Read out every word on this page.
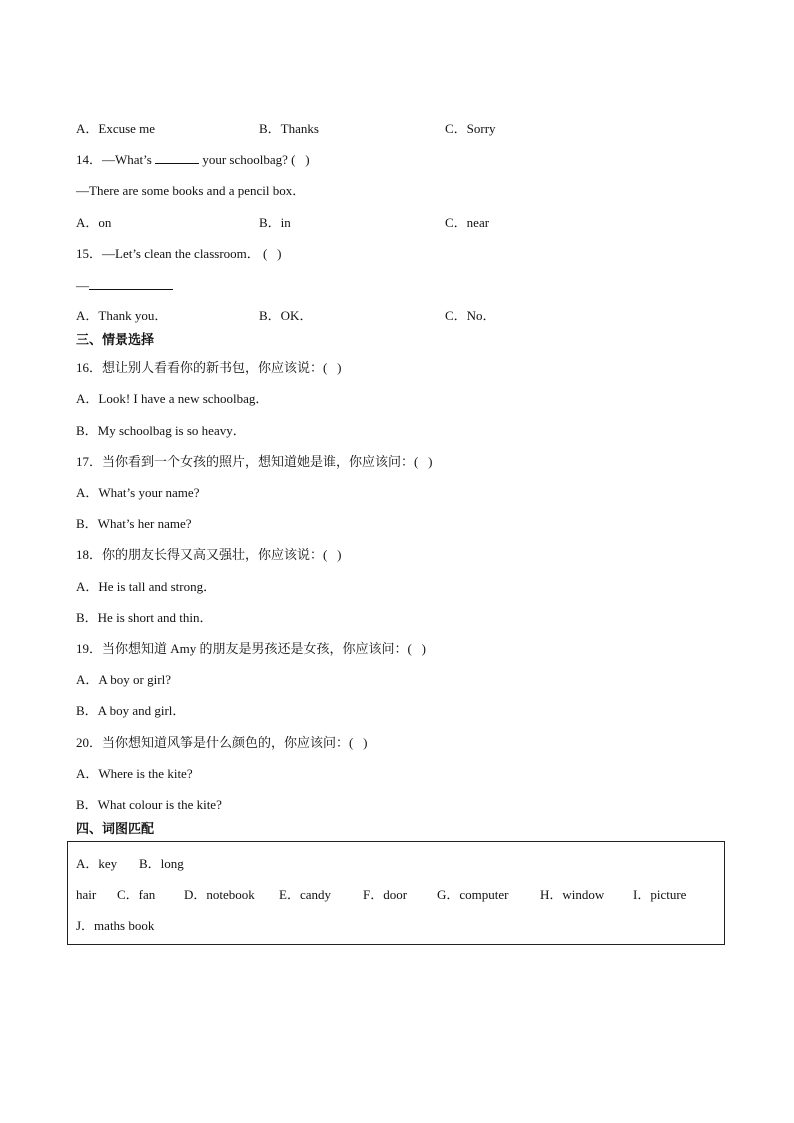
A．Excuse me	B．Thanks	C．Sorry
14．—What’s	your schoolbag? (   )
—There are some books and a pencil box．
A．on	B．in	C．near
15．—Let’s clean the classroom． (   )
—
A．Thank you．	B．OK．	C．No．
三、情景选择
16．想让别人看看你的新书包，你应该说：(   )
A．Look! I have a new schoolbag．
B．My schoolbag is so heavy．
17．当你看到一个女孩的照片，想知道她是谁，你应该问：(   )
A．What’s your name?
B．What’s her name?
18．你的朋友长得又高又强壮，你应该说：(   )
A．He is tall and strong．
B．He is short and thin．
19．当你想知道 Amy 的朋友是男孩还是女孩，你应该问：(   )
A．A boy or girl?
B．A boy and girl．
20．当你想知道风筝是什么颜色的，你应该问：(   )
A．Where is the kite?
B．What colour is the kite?
四、词图匹配
A．key B．long
hair C．fan D．notebook E．candy F．door G．computer H．window I．picture
J．maths book
